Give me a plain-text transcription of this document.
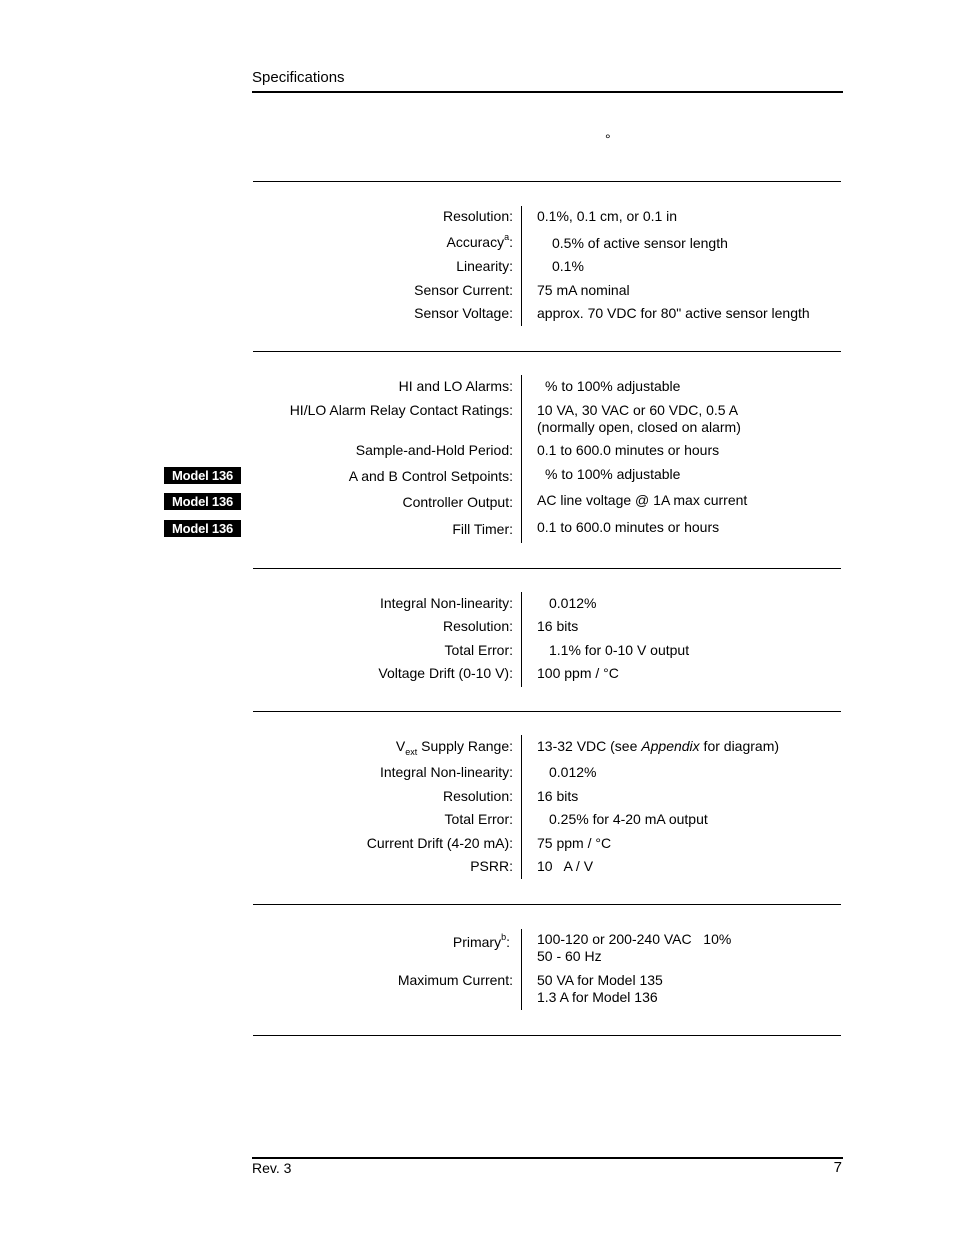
Specifications
°
Resolution: 0.1%, 0.1 cm, or 0.1 in
Accuracy$^a$:	0.5% of active sensor length
Linearity:	0.1%
Sensor Current: 75 mA nominal
Sensor Voltage: approx. 70 VDC for 80" active sensor length
HI and LO Alarms: % to 100% adjustable
HI/LO Alarm Relay Contact Ratings: 10 VA, 30 VAC or 60 VDC, 0.5 A
(normally open, closed on alarm)
Sample-and-Hold Period: 0.1 to 600.0 minutes or hours
Model 136	A and B Control Setpoints: % to 100% adjustable
Model 136	Controller Output: AC line voltage @ 1A max current
Model 136	Fill Timer: 0.1 to 600.0 minutes or hours
Integral Non-linearity:	0.012%
Resolution: 16 bits
Total Error:	1.1% for 0-10 V output
Voltage Drift (0-10 V): 100 ppm / °C
$V_{ext}$ Supply Range: 13-32 VDC (see Appendix for diagram)
Integral Non-linearity:	0.012%
Resolution: 16 bits
Total Error:	0.25% for 4-20 mA output
Current Drift (4-20 mA): 75 ppm / °C
PSRR: 10   A / V
Primary$^b$: 100-120 or 200-240 VAC   10%
50 - 60 Hz
Maximum Current: 50 VA for Model 135
1.3 A for Model 136
Rev. 3	7
